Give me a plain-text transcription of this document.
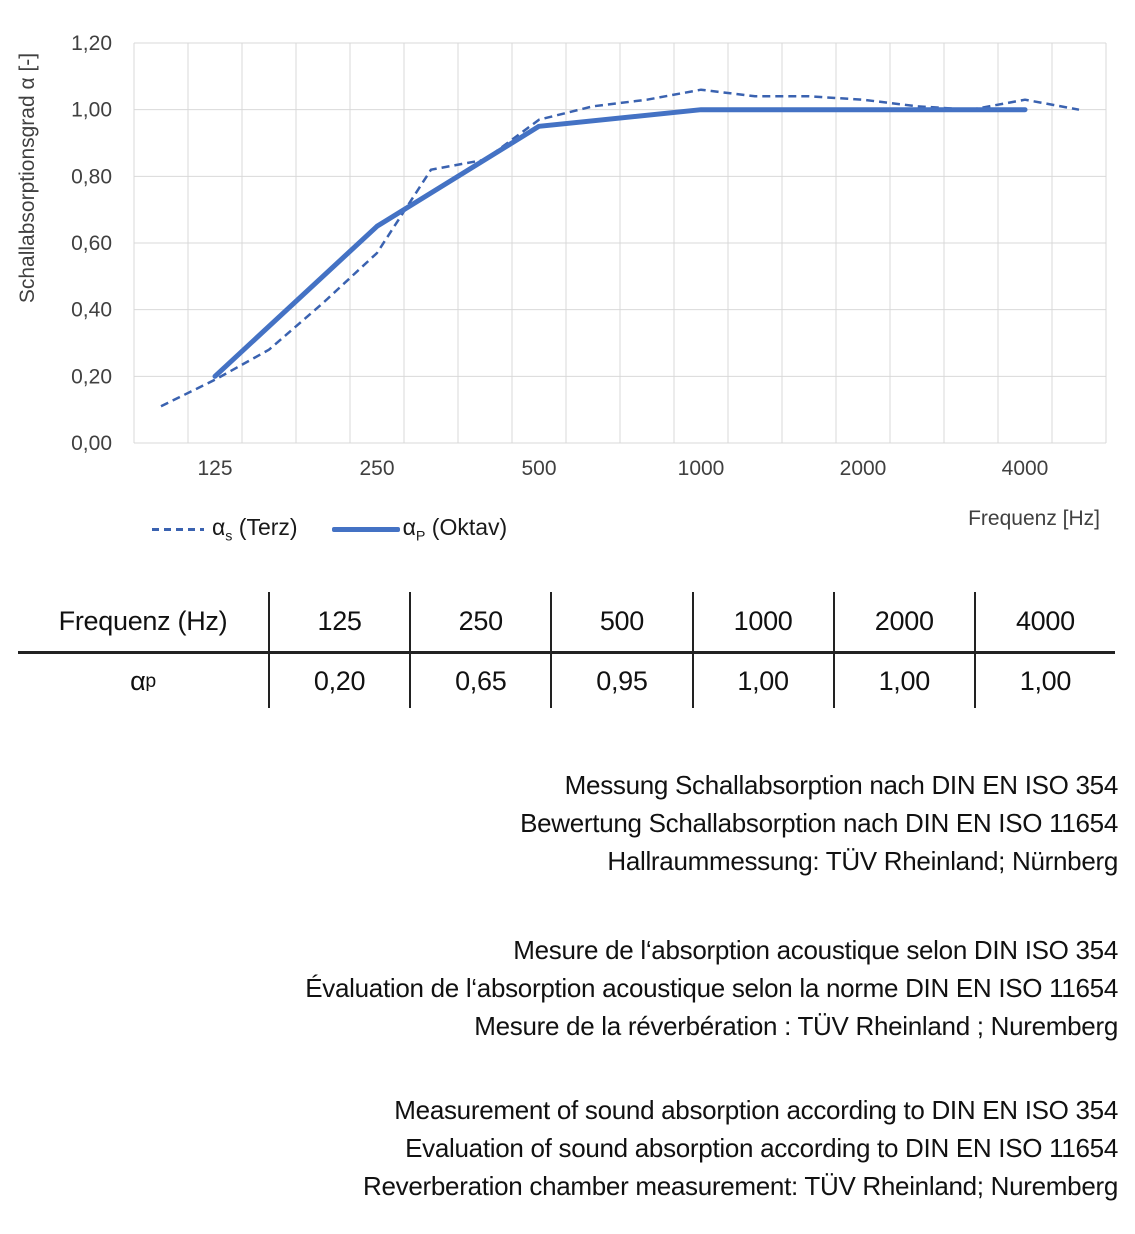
125	250	500	1000	2000	4000
0,00
0,20
0,40
0,60
0,80
1,00
1,20
Schallabsorptionsgrad α [-]
$\alpha_s$ (Terz)	$\alpha_P$ (Oktav)	Frequenz [Hz]
Frequenz (Hz)	125	250	500	1000	2000	4000
α p	0,20	0,65	0,95	1,00	1,00	1,00
Messung Schallabsorption nach DIN EN ISO 354
Bewertung Schallabsorption nach DIN EN ISO 11654
Hallraummessung: TÜV Rheinland; Nürnberg
Mesure de l‘absorption acoustique selon DIN ISO 354
Évaluation de l‘absorption acoustique selon la norme DIN EN ISO 11654
Mesure de la réverbération : TÜV Rheinland ; Nuremberg
Measurement of sound absorption according to DIN EN ISO 354
Evaluation of sound absorption according to DIN EN ISO 11654
Reverberation chamber measurement: TÜV Rheinland; Nuremberg
